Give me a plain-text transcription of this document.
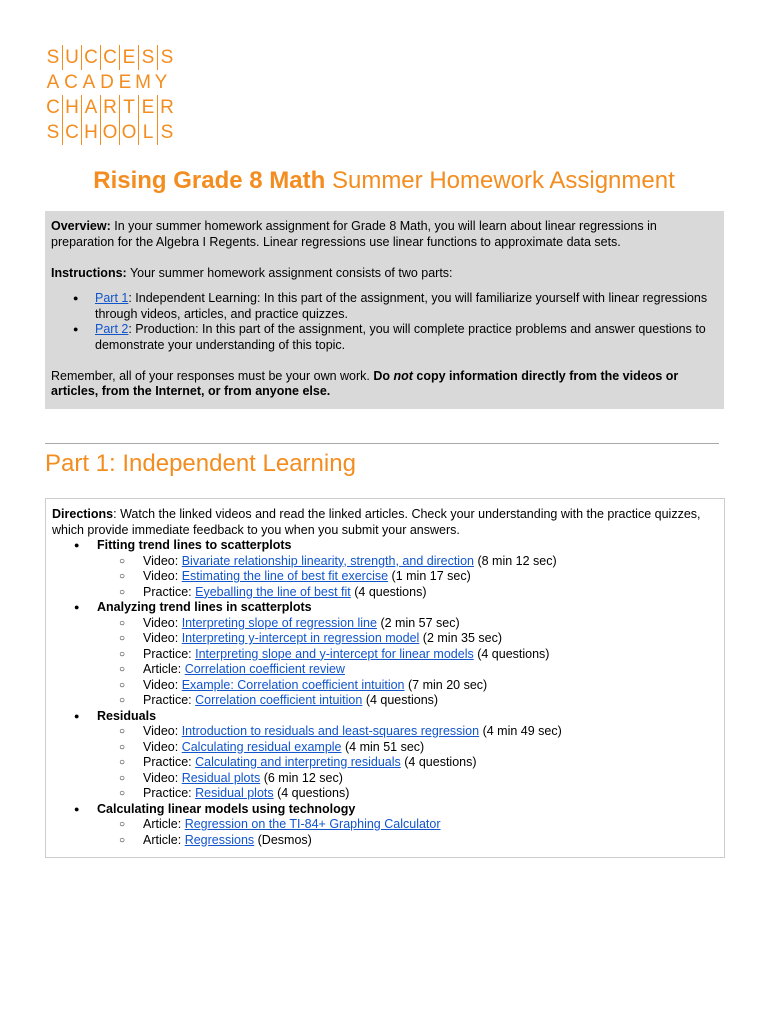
S U C C E S S
A C A D E M Y
C H A R T E R
S C H O O L S
Rising Grade 8 Math Summer Homework Assignment

Overview: In your summer homework assignment for Grade 8 Math, you will learn about linear regressions in preparation for the Algebra I Regents. Linear regressions use linear functions to approximate data sets.

Instructions: Your summer homework assignment consists of two parts:

● Part 1: Independent Learning: In this part of the assignment, you will familiarize yourself with linear regressions through videos, articles, and practice quizzes.
● Part 2: Production: In this part of the assignment, you will complete practice problems and answer questions to demonstrate your understanding of this topic.

Remember, all of your responses must be your own work. Do not copy information directly from the videos or articles, from the Internet, or from anyone else.

Part 1: Independent Learning

Directions: Watch the linked videos and read the linked articles. Check your understanding with the practice quizzes, which provide immediate feedback to you when you submit your answers.

● Fitting trend lines to scatterplots
○ Video: Bivariate relationship linearity, strength, and direction (8 min 12 sec)
○ Video: Estimating the line of best fit exercise (1 min 17 sec)
○ Practice: Eyeballing the line of best fit (4 questions)
● Analyzing trend lines in scatterplots
○ Video: Interpreting slope of regression line (2 min 57 sec)
○ Video: Interpreting y-intercept in regression model (2 min 35 sec)
○ Practice: Interpreting slope and y-intercept for linear models (4 questions)
○ Article: Correlation coefficient review
○ Video: Example: Correlation coefficient intuition (7 min 20 sec)
○ Practice: Correlation coefficient intuition (4 questions)
● Residuals
○ Video: Introduction to residuals and least-squares regression (4 min 49 sec)
○ Video: Calculating residual example (4 min 51 sec)
○ Practice: Calculating and interpreting residuals (4 questions)
○ Video: Residual plots (6 min 12 sec)
○ Practice: Residual plots (4 questions)
● Calculating linear models using technology
○ Article: Regression on the TI-84+ Graphing Calculator
○ Article: Regressions (Desmos)
